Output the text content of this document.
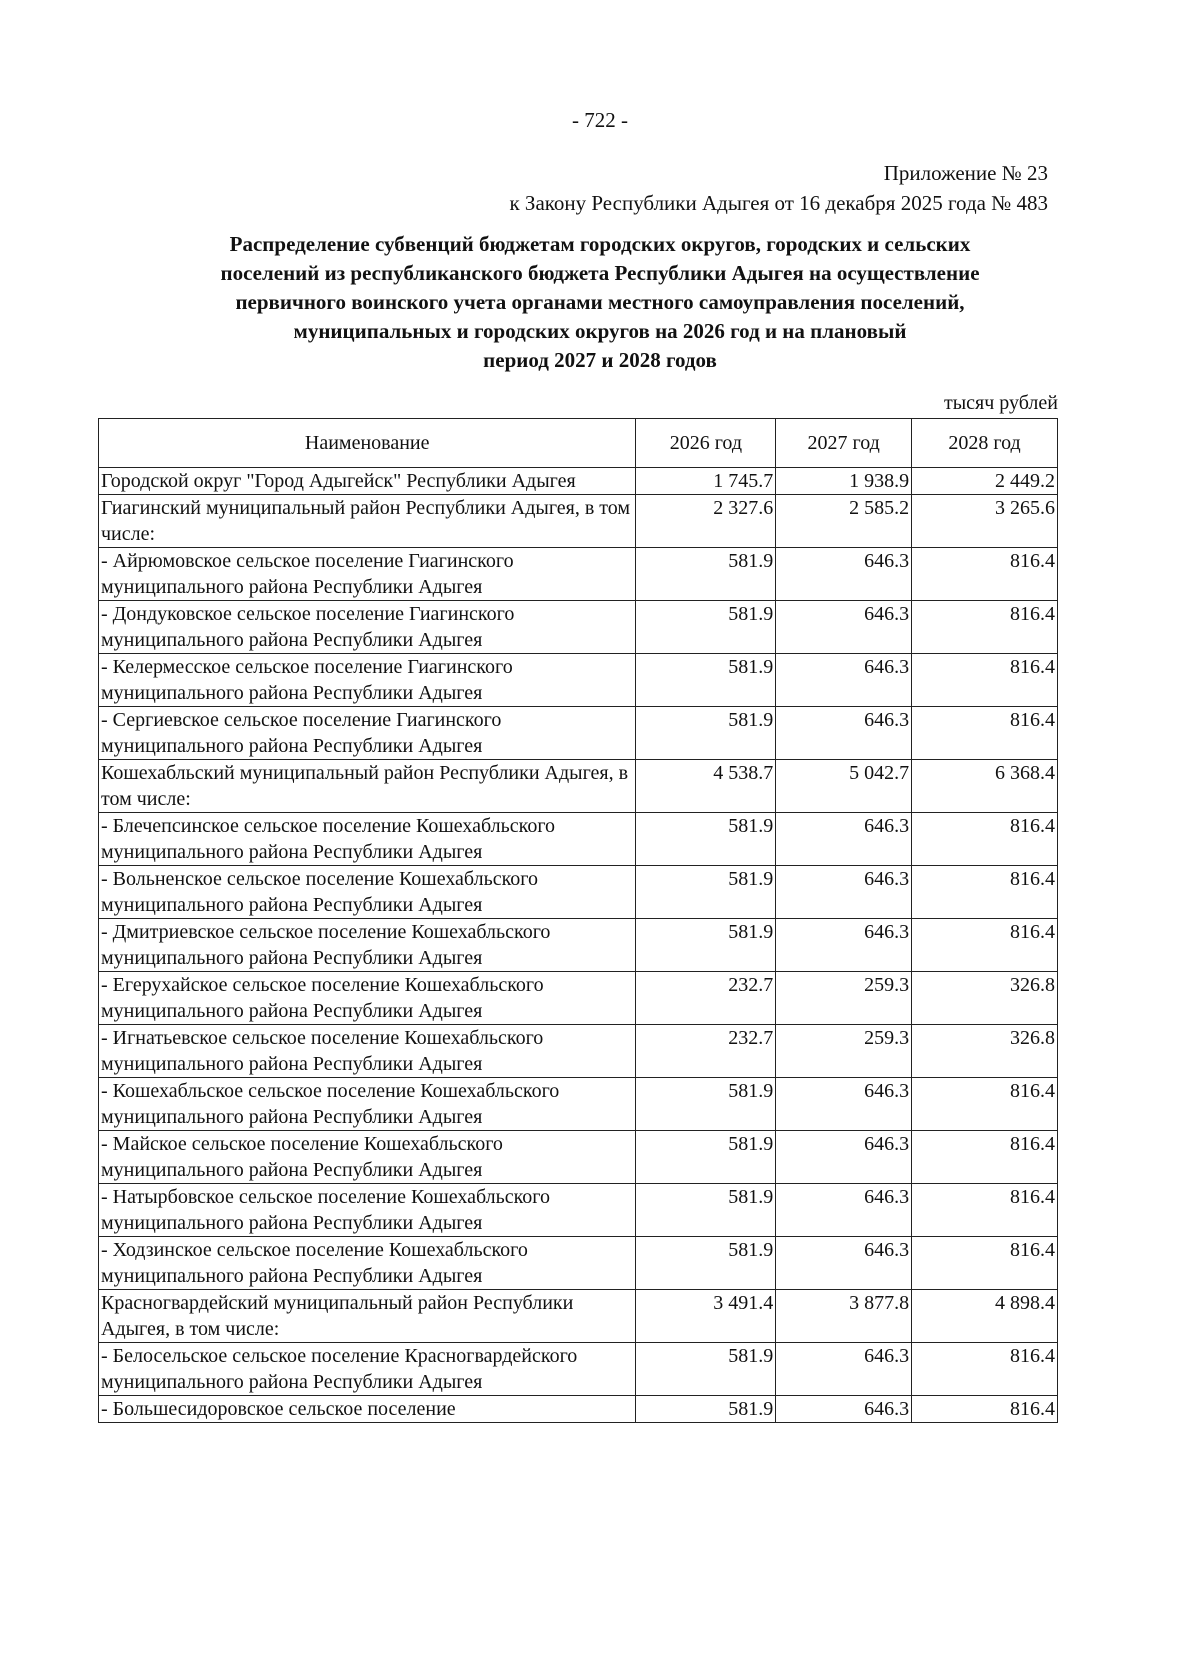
- 722 -
Приложение № 23
к Закону Республики Адыгея от 16 декабря 2025 года № 483
Распределение субвенций бюджетам городских округов, городских и сельских
поселений из республиканского бюджета Республики Адыгея на осуществление
первичного воинского учета органами местного самоуправления поселений,
муниципальных и городских округов на 2026 год и на плановый
период 2027 и 2028 годов
тысяч рублей
Наименование	2026 год	2027 год	2028 год
Городской округ "Город Адыгейск" Республики Адыгея	1 745.7	1 938.9	2 449.2
Гиагинский муниципальный район Республики Адыгея, в том числе:	2 327.6	2 585.2	3 265.6
- Айрюмовское сельское поселение Гиагинского муниципального района Республики Адыгея	581.9	646.3	816.4
- Дондуковское сельское поселение Гиагинского муниципального района Республики Адыгея	581.9	646.3	816.4
- Келермесское сельское поселение Гиагинского муниципального района Республики Адыгея	581.9	646.3	816.4
- Сергиевское сельское поселение Гиагинского муниципального района Республики Адыгея	581.9	646.3	816.4
Кошехабльский муниципальный район Республики Адыгея, в том числе:	4 538.7	5 042.7	6 368.4
- Блечепсинское сельское поселение Кошехабльского муниципального района Республики Адыгея	581.9	646.3	816.4
- Вольненское сельское поселение Кошехабльского муниципального района Республики Адыгея	581.9	646.3	816.4
- Дмитриевское сельское поселение Кошехабльского муниципального района Республики Адыгея	581.9	646.3	816.4
- Егерухайское сельское поселение Кошехабльского муниципального района Республики Адыгея	232.7	259.3	326.8
- Игнатьевское сельское поселение Кошехабльского муниципального района Республики Адыгея	232.7	259.3	326.8
- Кошехабльское сельское поселение Кошехабльского муниципального района Республики Адыгея	581.9	646.3	816.4
- Майское сельское поселение Кошехабльского муниципального района Республики Адыгея	581.9	646.3	816.4
- Натырбовское сельское поселение Кошехабльского муниципального района Республики Адыгея	581.9	646.3	816.4
- Ходзинское сельское поселение Кошехабльского муниципального района Республики Адыгея	581.9	646.3	816.4
Красногвардейский муниципальный район Республики Адыгея, в том числе:	3 491.4	3 877.8	4 898.4
- Белосельское сельское поселение Красногвардейского муниципального района Республики Адыгея	581.9	646.3	816.4
- Большесидоровское сельское поселение	581.9	646.3	816.4
